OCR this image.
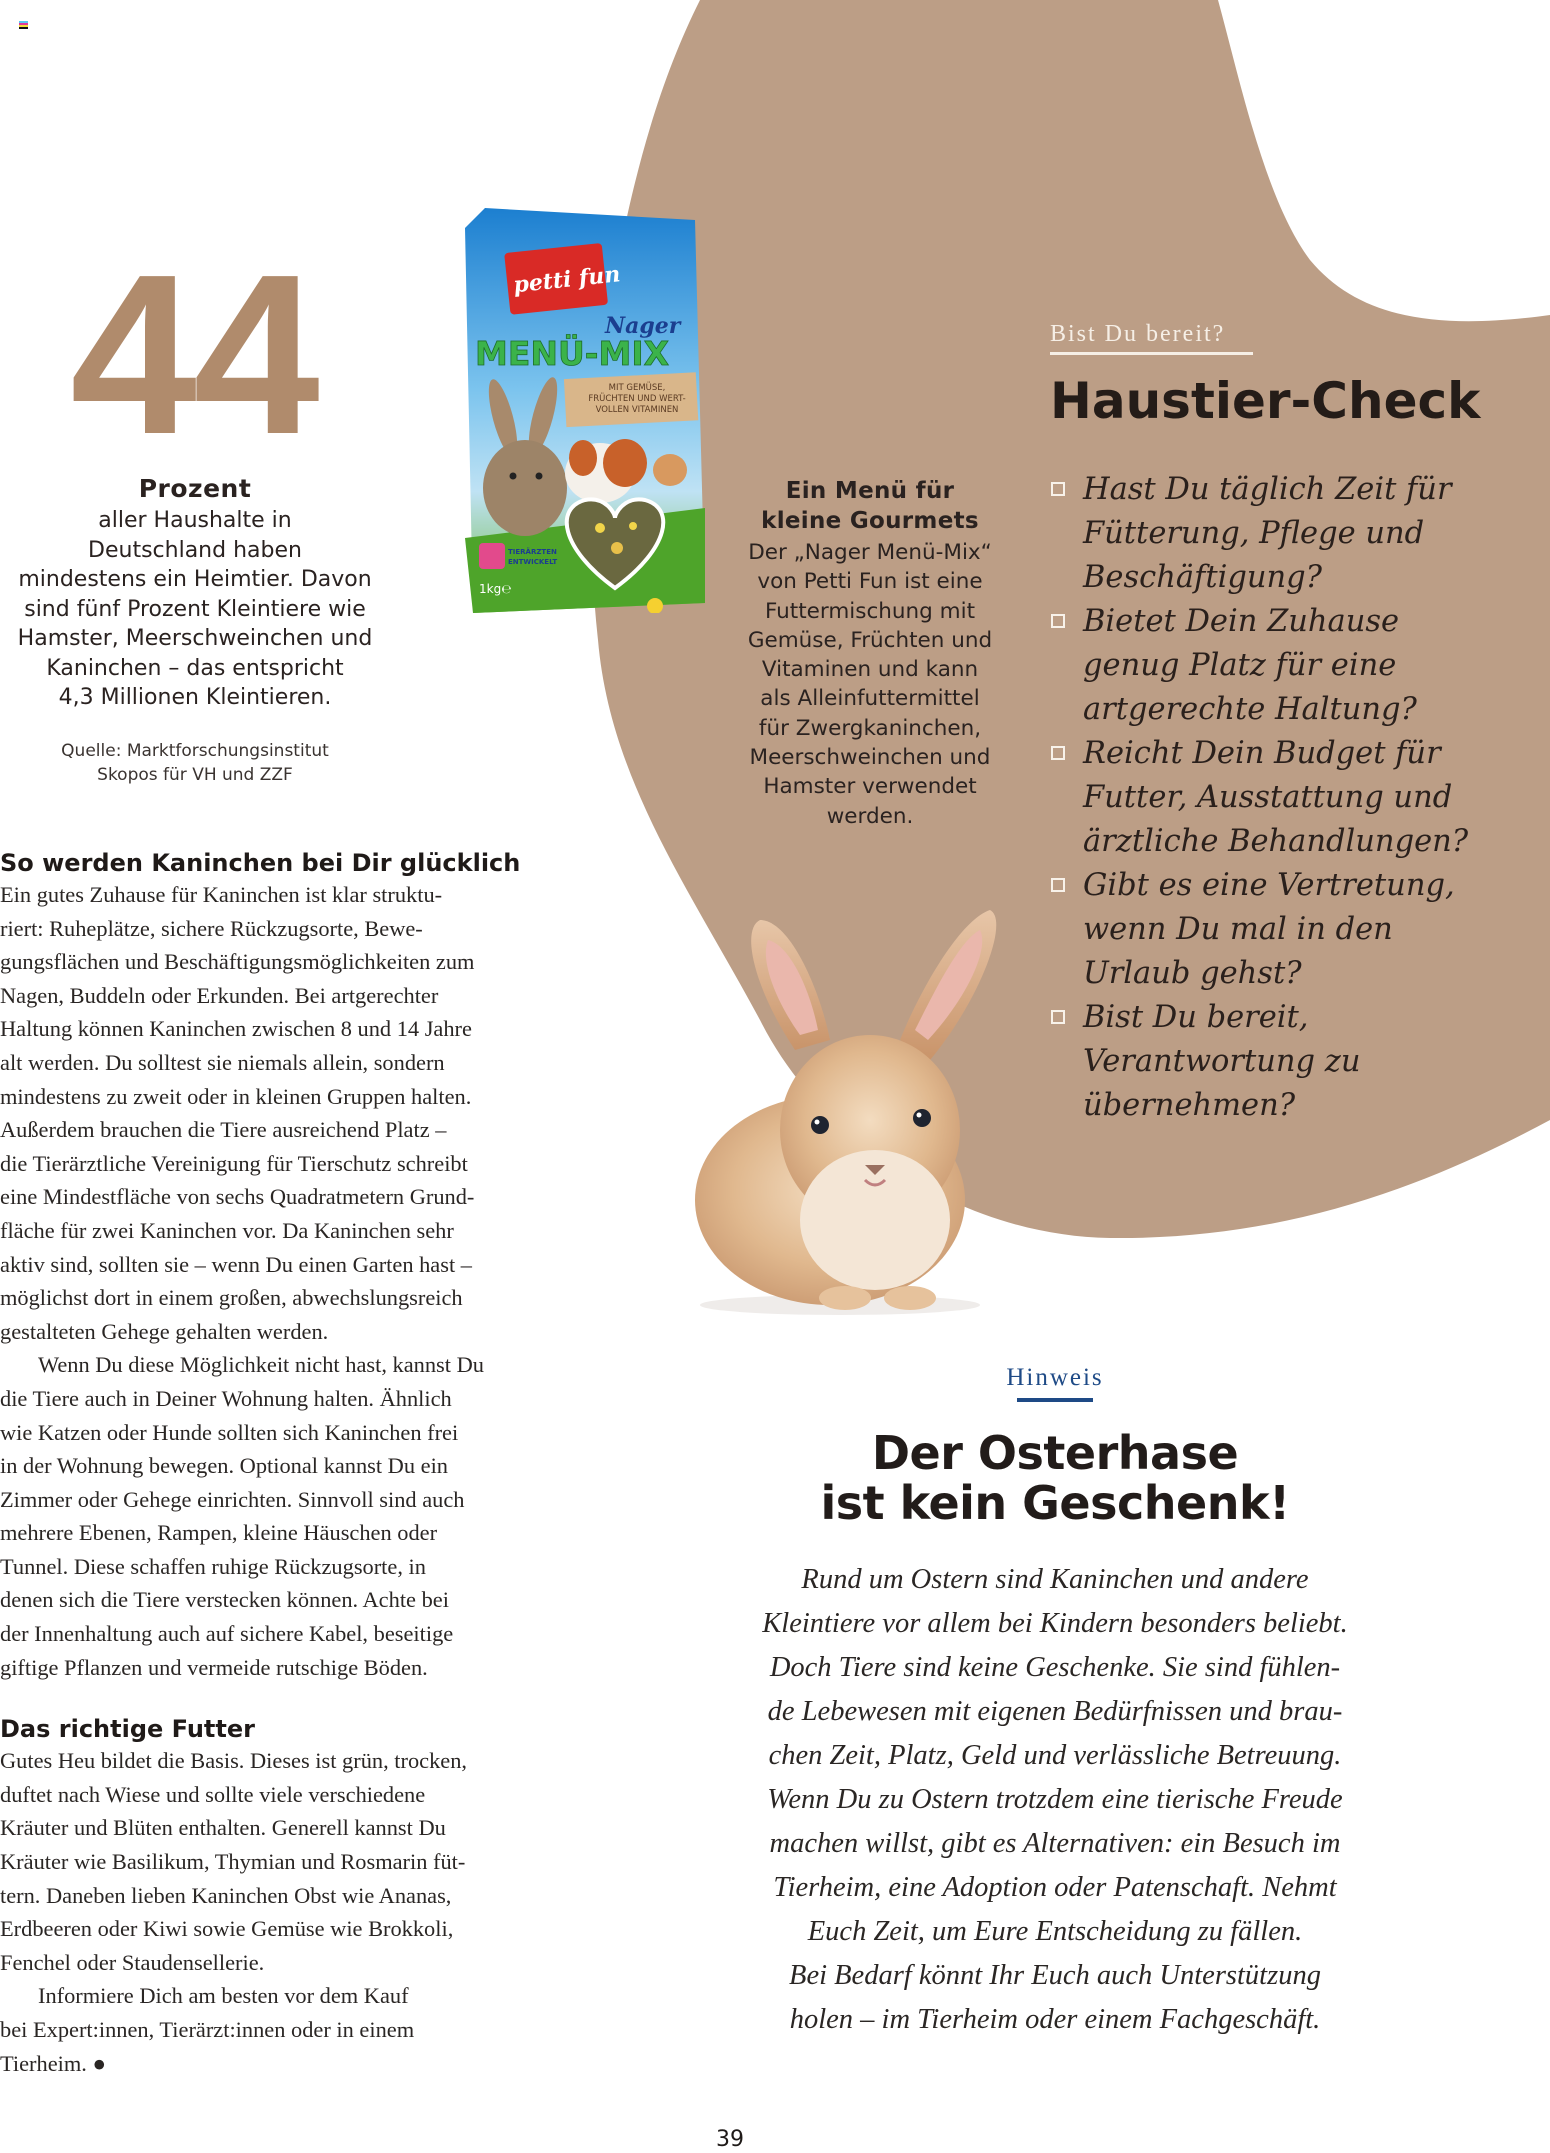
44
Prozent
aller Haushalte in
Deutschland haben
mindestens ein Heimtier. Davon
sind fünf Prozent Kleintiere wie
Hamster, Meerschweinchen und
Kaninchen – das entspricht
4,3 Millionen Kleintieren.
Quelle: Marktforschungsinstitut
Skopos für VH und ZZF
petti fun
Nager
MENÜ-MIX
MIT GEMÜSE,
FRÜCHTEN UND WERT-
VOLLEN VITAMINEN
TIERÄRZTEN
ENTWICKELT
1kg℮
Ein Menü für
kleine Gourmets
Der „Nager Menü-Mix“
von Petti Fun ist eine
Futtermischung mit
Gemüse, Früchten und
Vitaminen und kann
als Alleinfuttermittel
für Zwergkaninchen,
Meerschweinchen und
Hamster verwendet
werden.
Bist Du bereit?
Haustier-Check
Hast Du täglich Zeit für
Fütterung, Pflege und
Beschäftigung?
Bietet Dein Zuhause
genug Platz für eine
artgerechte Haltung?
Reicht Dein Budget für
Futter, Ausstattung und
ärztliche Behandlungen?
Gibt es eine Vertretung,
wenn Du mal in den
Urlaub gehst?
Bist Du bereit,
Verantwortung zu
übernehmen?
So werden Kaninchen bei Dir glücklich

Ein gutes Zuhause für Kaninchen ist klar struktu-
riert: Ruheplätze, sichere Rückzugsorte, Bewe-
gungsflächen und Beschäftigungsmöglichkeiten zum
Nagen, Buddeln oder Erkunden. Bei artgerechter
Haltung können Kaninchen zwischen 8 und 14 Jahre
alt werden. Du solltest sie niemals allein, sondern
mindestens zu zweit oder in kleinen Gruppen halten.
Außerdem brauchen die Tiere ausreichend Platz –
die Tierärztliche Vereinigung für Tierschutz schreibt
eine Mindestfläche von sechs Quadratmetern Grund-
fläche für zwei Kaninchen vor. Da Kaninchen sehr
aktiv sind, sollten sie – wenn Du einen Garten hast –
möglichst dort in einem großen, abwechslungsreich
gestalteten Gehege gehalten werden.

Wenn Du diese Möglichkeit nicht hast, kannst Du
die Tiere auch in Deiner Wohnung halten. Ähnlich
wie Katzen oder Hunde sollten sich Kaninchen frei
in der Wohnung bewegen. Optional kannst Du ein
Zimmer oder Gehege einrichten. Sinnvoll sind auch
mehrere Ebenen, Rampen, kleine Häuschen oder
Tunnel. Diese schaffen ruhige Rückzugsorte, in
denen sich die Tiere verstecken können. Achte bei
der Innenhaltung auch auf sichere Kabel, beseitige
giftige Pflanzen und vermeide rutschige Böden.

Das richtige Futter

Gutes Heu bildet die Basis. Dieses ist grün, trocken,
duftet nach Wiese und sollte viele verschiedene
Kräuter und Blüten enthalten. Generell kannst Du
Kräuter wie Basilikum, Thymian und Rosmarin füt-
tern. Daneben lieben Kaninchen Obst wie Ananas,
Erdbeeren oder Kiwi sowie Gemüse wie Brokkoli,
Fenchel oder Staudensellerie.

Informiere Dich am besten vor dem Kauf
bei Expert:innen, Tierärzt:innen oder in einem
Tierheim. ●

Hinweis
Der Osterhase
ist kein Geschenk!
Rund um Ostern sind Kaninchen und andere
Kleintiere vor allem bei Kindern besonders beliebt.
Doch Tiere sind keine Geschenke. Sie sind fühlen-
de Lebewesen mit eigenen Bedürfnissen und brau-
chen Zeit, Platz, Geld und verlässliche Betreuung.
Wenn Du zu Ostern trotzdem eine tierische Freude
machen willst, gibt es Alternativen: ein Besuch im
Tierheim, eine Adoption oder Patenschaft. Nehmt
Euch Zeit, um Eure Entscheidung zu fällen.
Bei Bedarf könnt Ihr Euch auch Unterstützung
holen – im Tierheim oder einem Fachgeschäft.
39
